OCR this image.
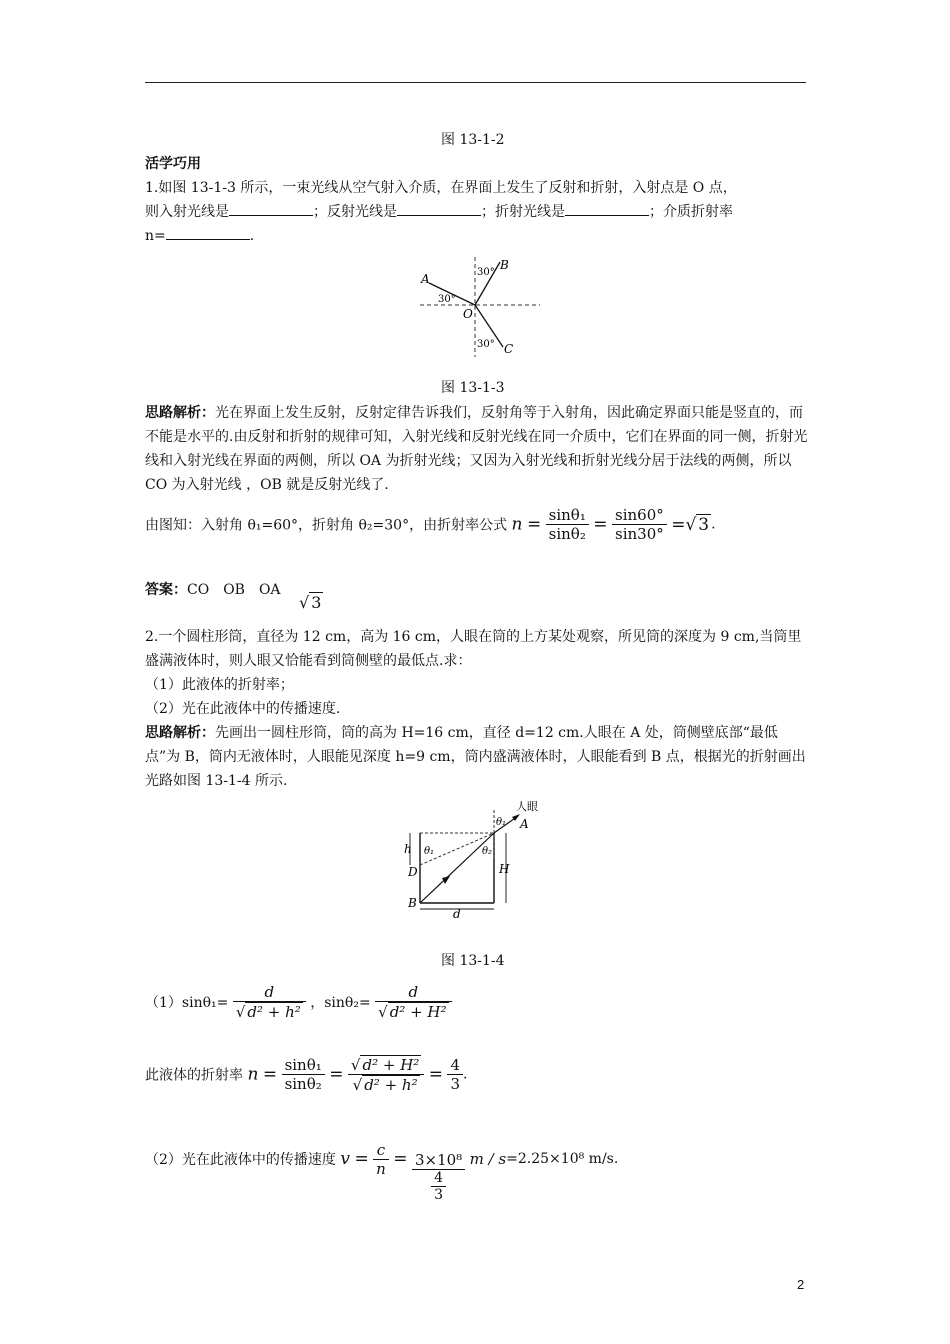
图 13-1-2
活学巧用
1.如图 13-1-3 所示，一束光线从空气射入介质，在界面上发生了反射和折射，入射点是 O 点，
则入射光线是	；反射光线是	；折射光线是	；介质折射率
n=	.
A
B
C
O
30°
30°
30°
图 13-1-3
思路解析：光在界面上发生反射，反射定律告诉我们，反射角等于入射角，因此确定界面只能是竖直的，而不能是水平的.由反射和折射的规律可知，入射光线和反射光线在同一介质中，它们在界面的同一侧，折射光线和入射光线在界面的两侧，所以 OA 为折射光线；又因为入射光线和折射光线分居于法线的两侧，所以 CO 为入射光线 ，OB 就是反射光线了.
由图知：入射角 θ₁=60°，折射角 θ₂=30°，由折射率公式 $n = \frac{\text{sinθ₁}}{\text{sinθ₂}} = \frac{\sin 60^\circ}{\sin 30^\circ}$ =√ 3 .
答案：CO　OB　OA √ 3
2.一个圆柱形筒，直径为 12 cm，高为 16 cm，人眼在筒的上方某处观察，所见筒的深度为 9 cm,当筒里盛满液体时，则人眼又恰能看到筒侧壁的最低点.求：
（1）此液体的折射率；
（2）光在此液体中的传播速度.
思路解析：先画出一圆柱形筒，筒的高为 H=16 cm，直径 d=12 cm.人眼在 A 处，筒侧壁底部“最低点”为 B，筒内无液体时，人眼能见深度 h=9 cm，筒内盛满液体时，人眼能看到 B 点，根据光的折射画出光路如图 13-1-4 所示.
人眼
A
B
D
h
H
d
θ₁
θ₂
θ₁
图 13-1-4
$(1)\sin\theta_1= \frac{d}{\text{√ d² + h²}}$ ，$\sin\theta_2= \frac{d}{\text{√ d² + H²}}$
此液体的折射率 $n = \frac{\text{sinθ₁}}{\text{sinθ₂}} = \frac{\text{√ d² + H²}}{\text{√ d² + h²}} = \frac{4}{3}$ .
（2）光在此液体中的传播速度 $v = \frac{c}{n} = \frac{\text{3×10⁸}}{\frac{4}{3}}$ m / s=2.25×10⁸ m/s.
2
